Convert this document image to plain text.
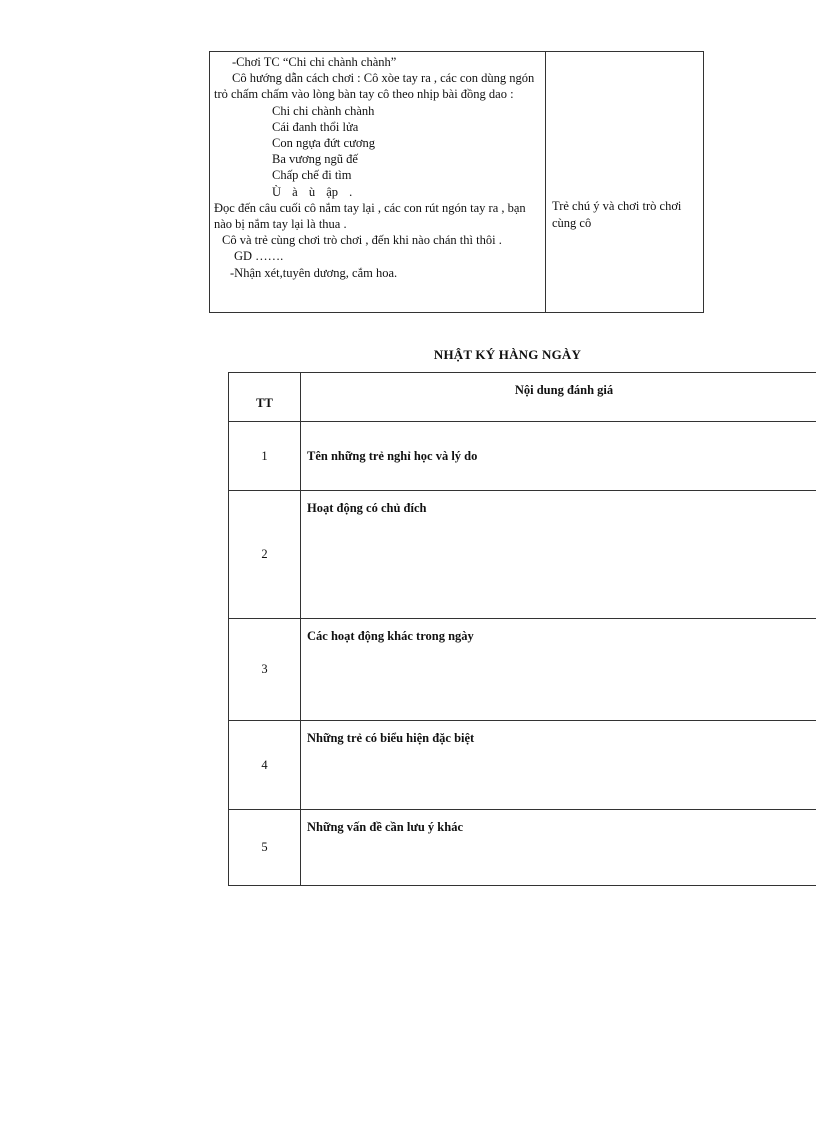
-Chơi TC “Chi chi chành chành”
Cô hướng dẫn cách chơi : Cô xòe tay ra , các con dùng ngón trỏ chấm chấm vào lòng bàn tay cô theo nhịp bài đồng dao :
Chi chi chành chành
Cái đanh thổi lửa
Con ngựa đứt cương
Ba vương ngũ đế
Chấp chế đi tìm
Ù à ù ập .
Đọc đến câu cuối cô nắm tay lại , các con rút ngón tay ra , bạn nào bị nắm tay lại là thua .
Cô và trẻ cùng chơi trò chơi , đến khi nào chán thì thôi .
GD …….
-Nhận xét,tuyên dương, cắm hoa.
Trẻ chú ý và chơi trò chơi cùng cô
NHẬT KÝ HÀNG NGÀY
TT	Nội dung đánh giá
1	Tên những trẻ nghỉ học và lý do
2	Hoạt động có chủ đích
3	Các hoạt động khác trong ngày
4	Những trẻ có biểu hiện đặc biệt
5	Những vấn đề cần lưu ý khác
